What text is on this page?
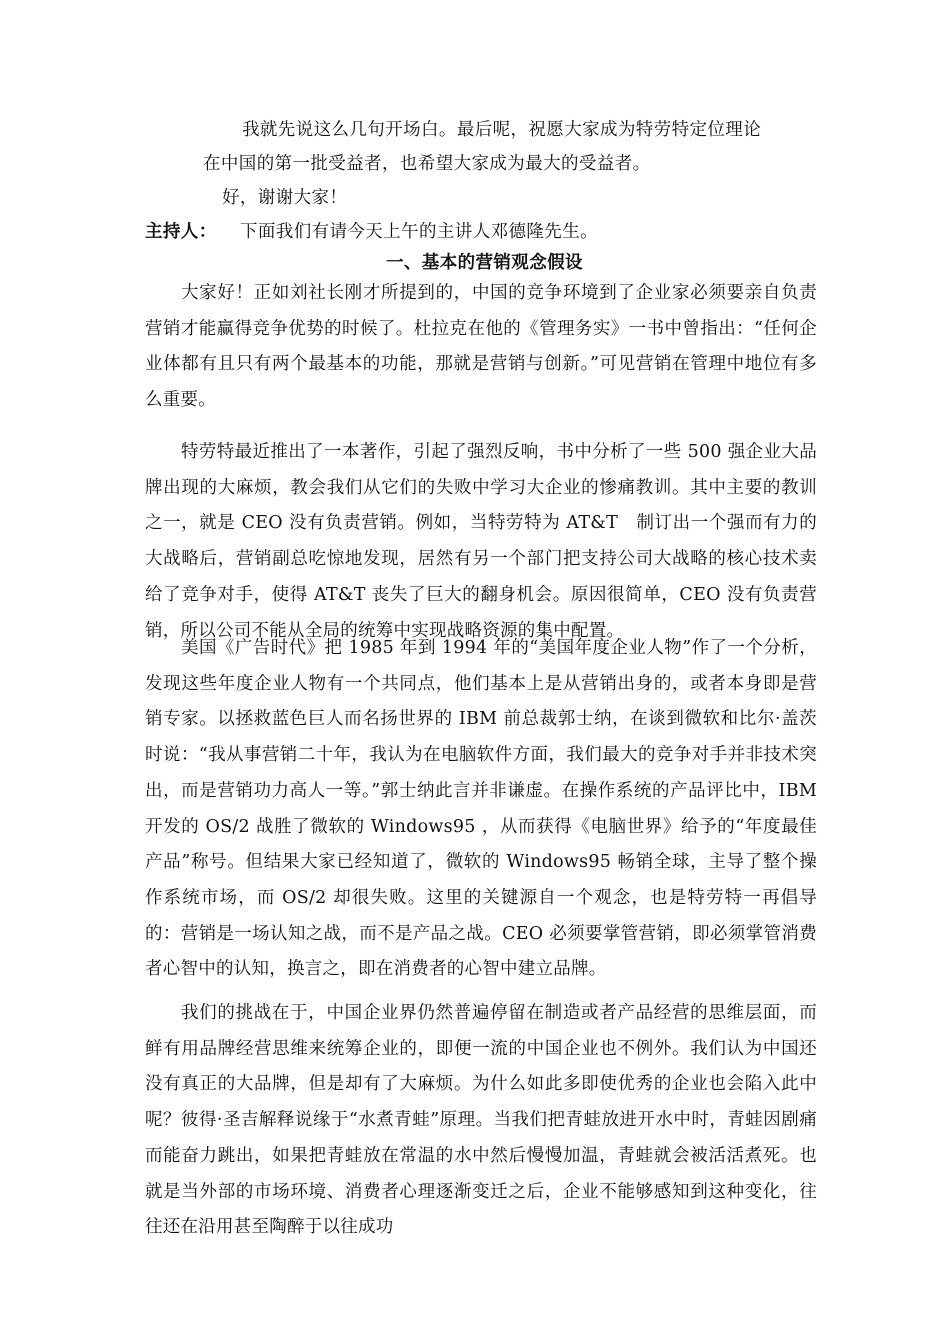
我就先说这么几句开场白。最后呢，祝愿大家成为特劳特定位理论
在中国的第一批受益者，也希望大家成为最大的受益者。
好，谢谢大家！
主持人： 下面我们有请今天上午的主讲人邓德隆先生。
一、基本的营销观念假设
大家好！正如刘社长刚才所提到的，中国的竞争环境到了企业家必须要亲自负责营销才能赢得竞争优势的时候了。杜拉克在他的《管理务实》一书中曾指出：“任何企业体都有且只有两个最基本的功能，那就是营销与创新。”可见营销在管理中地位有多么重要。
特劳特最近推出了一本著作，引起了强烈反响，书中分析了一些 500 强企业大品牌出现的大麻烦，教会我们从它们的失败中学习大企业的惨痛教训。其中主要的教训之一，就是 CEO 没有负责营销。例如，当特劳特为 AT&T　制订出一个强而有力的大战略后，营销副总吃惊地发现，居然有另一个部门把支持公司大战略的核心技术卖给了竞争对手，使得 AT&T 丧失了巨大的翻身机会。原因很简单，CEO 没有负责营销，所以公司不能从全局的统筹中实现战略资源的集中配置。
美国《广告时代》把 1985 年到 1994 年的“美国年度企业人物”作了一个分析，发现这些年度企业人物有一个共同点，他们基本上是从营销出身的，或者本身即是营销专家。以拯救蓝色巨人而名扬世界的 IBM 前总裁郭士纳，在谈到微软和比尔·盖茨时说：“我从事营销二十年，我认为在电脑软件方面，我们最大的竞争对手并非技术突出，而是营销功力高人一等。”郭士纳此言并非谦虚。在操作系统的产品评比中，IBM 开发的 OS/2 战胜了微软的 Windows95 ，从而获得《电脑世界》给予的“年度最佳产品”称号。但结果大家已经知道了，微软的 Windows95 畅销全球，主导了整个操作系统市场，而 OS/2 却很失败。这里的关键源自一个观念，也是特劳特一再倡导的：营销是一场认知之战，而不是产品之战。CEO 必须要掌管营销，即必须掌管消费者心智中的认知，换言之，即在消费者的心智中建立品牌。
我们的挑战在于，中国企业界仍然普遍停留在制造或者产品经营的思维层面，而鲜有用品牌经营思维来统筹企业的，即便一流的中国企业也不例外。我们认为中国还没有真正的大品牌，但是却有了大麻烦。为什么如此多即使优秀的企业也会陷入此中呢？彼得·圣吉解释说缘于“水煮青蛙”原理。当我们把青蛙放进开水中时，青蛙因剧痛而能奋力跳出，如果把青蛙放在常温的水中然后慢慢加温，青蛙就会被活活煮死。也就是当外部的市场环境、消费者心理逐渐变迁之后，企业不能够感知到这种变化，往往还在沿用甚至陶醉于以往成功
